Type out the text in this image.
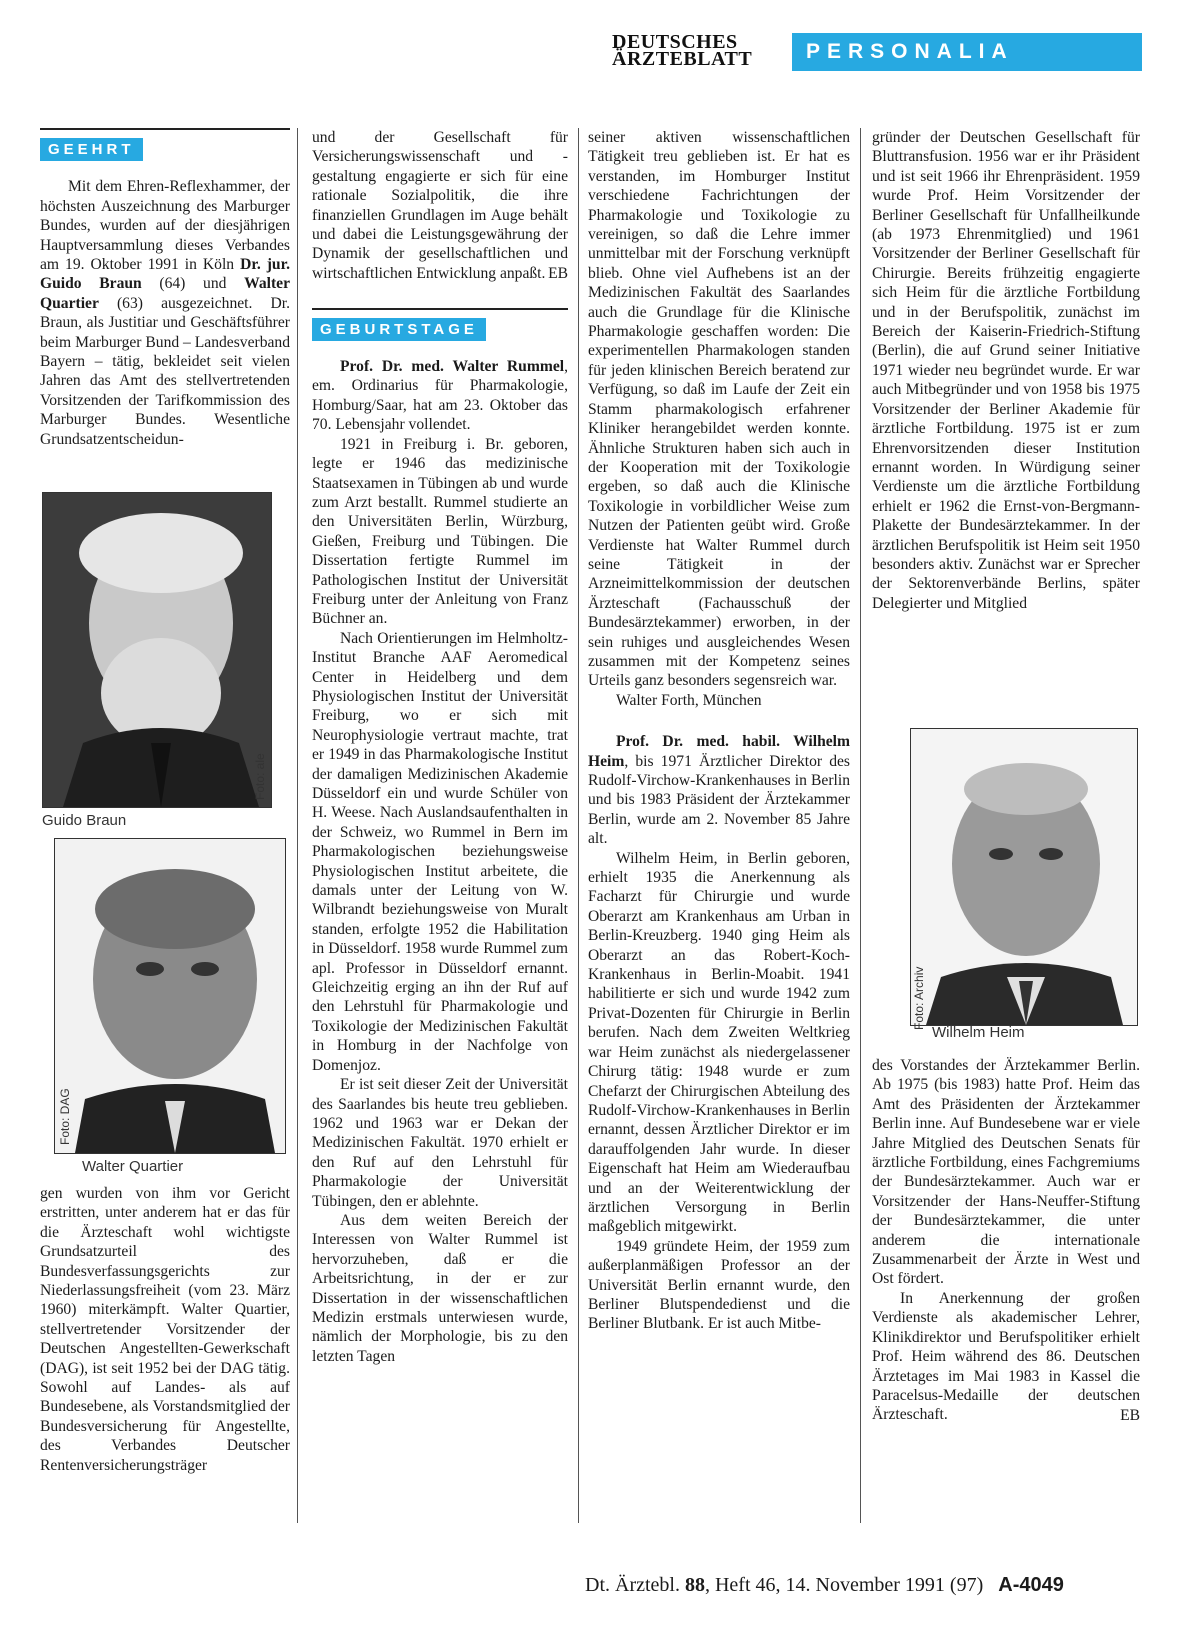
DEUTSCHES
ÄRZTEBLATT	PERSONALIA
GEEHRT

Mit dem Ehren-Reflexhammer, der höchsten Auszeichnung des Marburger Bundes, wurden auf der diesjährigen Hauptversammlung dieses Verbandes am 19. Oktober 1991 in Köln Dr. jur. Guido Braun (64) und Walter Quartier (63) ausgezeichnet. Dr. Braun, als Justitiar und Geschäftsführer beim Marburger Bund – Landesverband Bayern – tätig, bekleidet seit vielen Jahren das Amt des stellvertretenden Vorsitzenden der Tarifkommission des Marburger Bundes. Wesentliche Grundsatzentscheidun-

Foto: ale
Guido Braun
Foto: DAG
Walter Quartier

gen wurden von ihm vor Gericht erstritten, unter anderem hat er das für die Ärzteschaft wohl wichtigste Grundsatzurteil des Bundesverfassungsgerichts zur Niederlassungsfreiheit (vom 23. März 1960) miterkämpft. Walter Quartier, stellvertretender Vorsitzender der Deutschen Angestellten-Gewerkschaft (DAG), ist seit 1952 bei der DAG tätig. Sowohl auf Landes- als auf Bundesebene, als Vorstandsmitglied der Bundesversicherung für Angestellte, des Verbandes Deutscher Rentenversicherungsträger

und der Gesellschaft für Versicherungswissenschaft und -gestaltung engagierte er sich für eine rationale Sozialpolitik, die ihre finanziellen Grundlagen im Auge behält und dabei die Leistungsgewährung der Dynamik der gesellschaftlichen und wirtschaftlichen Entwicklung anpaßt. EB
GEBURTSTAGE

Prof. Dr. med. Walter Rummel, em. Ordinarius für Pharmakologie, Homburg/Saar, hat am 23. Oktober das 70. Lebensjahr vollendet.

1921 in Freiburg i. Br. geboren, legte er 1946 das medizinische Staatsexamen in Tübingen ab und wurde zum Arzt bestallt. Rummel studierte an den Universitäten Berlin, Würzburg, Gießen, Freiburg und Tübingen. Die Dissertation fertigte Rummel im Pathologischen Institut der Universität Freiburg unter der Anleitung von Franz Büchner an.

Nach Orientierungen im Helmholtz-Institut Branche AAF Aeromedical Center in Heidelberg und dem Physiologischen Institut der Universität Freiburg, wo er sich mit Neurophysiologie vertraut machte, trat er 1949 in das Pharmakologische Institut der damaligen Medizinischen Akademie Düsseldorf ein und wurde Schüler von H. Weese. Nach Auslandsaufenthalten in der Schweiz, wo Rummel in Bern im Pharmakologischen beziehungsweise Physiologischen Institut arbeitete, die damals unter der Leitung von W. Wilbrandt beziehungsweise von Muralt standen, erfolgte 1952 die Habilitation in Düsseldorf. 1958 wurde Rummel zum apl. Professor in Düsseldorf ernannt. Gleichzeitig erging an ihn der Ruf auf den Lehrstuhl für Pharmakologie und Toxikologie der Medizinischen Fakultät in Homburg in der Nachfolge von Domenjoz.

Er ist seit dieser Zeit der Universität des Saarlandes bis heute treu geblieben. 1962 und 1963 war er Dekan der Medizinischen Fakultät. 1970 erhielt er den Ruf auf den Lehrstuhl für Pharmakologie der Universität Tübingen, den er ablehnte.

Aus dem weiten Bereich der Interessen von Walter Rummel ist hervorzuheben, daß er die Arbeitsrichtung, in der er zur Dissertation in der wissenschaftlichen Medizin erstmals unterwiesen wurde, nämlich der Morphologie, bis zu den letzten Tagen

seiner aktiven wissenschaftlichen Tätigkeit treu geblieben ist. Er hat es verstanden, im Homburger Institut verschiedene Fachrichtungen der Pharmakologie und Toxikologie zu vereinigen, so daß die Lehre immer unmittelbar mit der Forschung verknüpft blieb. Ohne viel Aufhebens ist an der Medizinischen Fakultät des Saarlandes auch die Grundlage für die Klinische Pharmakologie geschaffen worden: Die experimentellen Pharmakologen standen für jeden klinischen Bereich beratend zur Verfügung, so daß im Laufe der Zeit ein Stamm pharmakologisch erfahrener Kliniker herangebildet werden konnte. Ähnliche Strukturen haben sich auch in der Kooperation mit der Toxikologie ergeben, so daß auch die Klinische Toxikologie in vorbildlicher Weise zum Nutzen der Patienten geübt wird. Große Verdienste hat Walter Rummel durch seine Tätigkeit in der Arzneimittelkommission der deutschen Ärzteschaft (Fachausschuß der Bundesärztekammer) erworben, in der sein ruhiges und ausgleichendes Wesen zusammen mit der Kompetenz seines Urteils ganz besonders segensreich war.

Walter Forth, München

Prof. Dr. med. habil. Wilhelm Heim, bis 1971 Ärztlicher Direktor des Rudolf-Virchow-Krankenhauses in Berlin und bis 1983 Präsident der Ärztekammer Berlin, wurde am 2. November 85 Jahre alt.

Wilhelm Heim, in Berlin geboren, erhielt 1935 die Anerkennung als Facharzt für Chirurgie und wurde Oberarzt am Krankenhaus am Urban in Berlin-Kreuzberg. 1940 ging Heim als Oberarzt an das Robert-Koch-Krankenhaus in Berlin-Moabit. 1941 habilitierte er sich und wurde 1942 zum Privat-Dozenten für Chirurgie in Berlin berufen. Nach dem Zweiten Weltkrieg war Heim zunächst als niedergelassener Chirurg tätig: 1948 wurde er zum Chefarzt der Chirurgischen Abteilung des Rudolf-Virchow-Krankenhauses in Berlin ernannt, dessen Ärztlicher Direktor er im darauffolgenden Jahr wurde. In dieser Eigenschaft hat Heim am Wiederaufbau und an der Weiterentwicklung der ärztlichen Versorgung in Berlin maßgeblich mitgewirkt.

1949 gründete Heim, der 1959 zum außerplanmäßigen Professor an der Universität Berlin ernannt wurde, den Berliner Blutspendedienst und die Berliner Blutbank. Er ist auch Mitbe-

gründer der Deutschen Gesellschaft für Bluttransfusion. 1956 war er ihr Präsident und ist seit 1966 ihr Ehrenpräsident. 1959 wurde Prof. Heim Vorsitzender der Berliner Gesellschaft für Unfallheilkunde (ab 1973 Ehrenmitglied) und 1961 Vorsitzender der Berliner Gesellschaft für Chirurgie. Bereits frühzeitig engagierte sich Heim für die ärztliche Fortbildung und in der Berufspolitik, zunächst im Bereich der Kaiserin-Friedrich-Stiftung (Berlin), die auf Grund seiner Initiative 1971 wieder neu begründet wurde. Er war auch Mitbegründer und von 1958 bis 1975 Vorsitzender der Berliner Akademie für ärztliche Fortbildung. 1975 ist er zum Ehrenvorsitzenden dieser Institution ernannt worden. In Würdigung seiner Verdienste um die ärztliche Fortbildung erhielt er 1962 die Ernst-von-Bergmann-Plakette der Bundesärztekammer. In der ärztlichen Berufspolitik ist Heim seit 1950 besonders aktiv. Zunächst war er Sprecher der Sektorenverbände Berlins, später Delegierter und Mitglied

Foto: Archiv
Wilhelm Heim

des Vorstandes der Ärztekammer Berlin. Ab 1975 (bis 1983) hatte Prof. Heim das Amt des Präsidenten der Ärztekammer Berlin inne. Auf Bundesebene war er viele Jahre Mitglied des Deutschen Senats für ärztliche Fortbildung, eines Fachgremiums der Bundesärztekammer. Auch war er Vorsitzender der Hans-Neuffer-Stiftung der Bundesärztekammer, die unter anderem die internationale Zusammenarbeit der Ärzte in West und Ost fördert.

In Anerkennung der großen Verdienste als akademischer Lehrer, Klinikdirektor und Berufspolitiker erhielt Prof. Heim während des 86. Deutschen Ärztetages im Mai 1983 in Kassel die Paracelsus-Medaille der deutschen Ärzteschaft.	EB
Dt. Ärztebl. 88, Heft 46, 14. November 1991 (97) A-4049
